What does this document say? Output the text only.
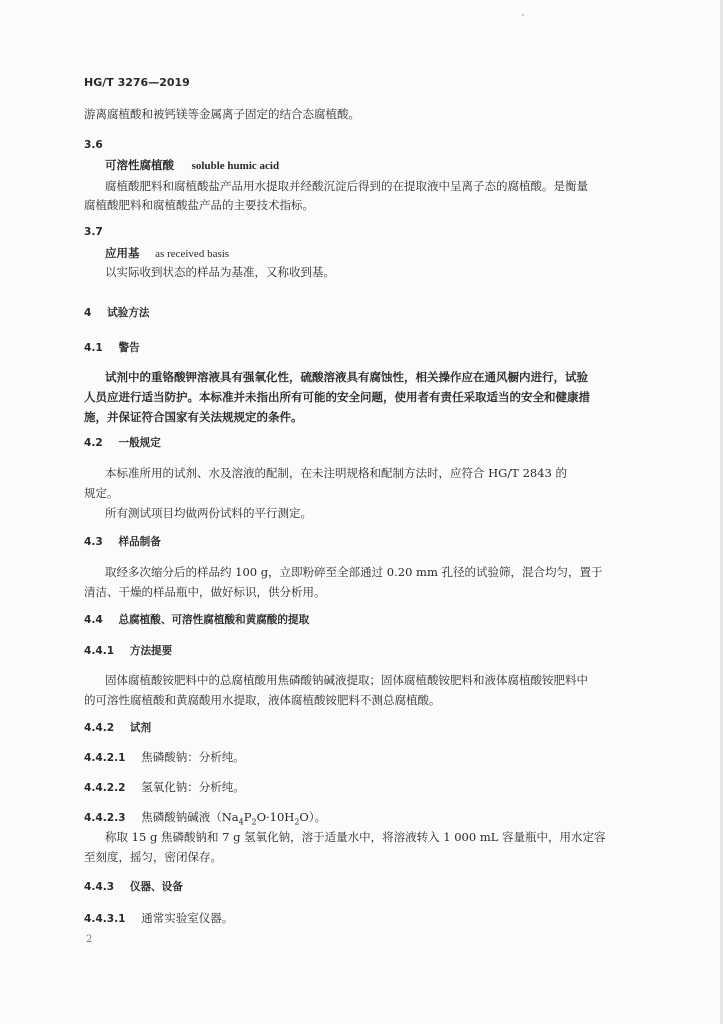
HG/T 3276—2019
游离腐植酸和被钙镁等金属离子固定的结合态腐植酸。
3.6
可溶性腐植酸 soluble humic acid
腐植酸肥料和腐植酸盐产品用水提取并经酸沉淀后得到的在提取液中呈离子态的腐植酸。是衡量
腐植酸肥料和腐植酸盐产品的主要技术指标。
3.7
应用基 as received basis
以实际收到状态的样品为基准，又称收到基。
4 试验方法
4.1 警告
试剂中的重铬酸钾溶液具有强氧化性，硫酸溶液具有腐蚀性，相关操作应在通风橱内进行，试验
人员应进行适当防护。本标准并未指出所有可能的安全问题，使用者有责任采取适当的安全和健康措
施，并保证符合国家有关法规规定的条件。
4.2 一般规定
本标准所用的试剂、水及溶液的配制，在未注明规格和配制方法时，应符合 HG/T 2843 的
规定。
所有测试项目均做两份试料的平行测定。
4.3 样品制备
取经多次缩分后的样品约 100 g，立即粉碎至全部通过 0.20 mm 孔径的试验筛，混合均匀，置于
清洁、干燥的样品瓶中，做好标识，供分析用。
4.4 总腐植酸、可溶性腐植酸和黄腐酸的提取
4.4.1 方法提要
固体腐植酸铵肥料中的总腐植酸用焦磷酸钠碱液提取；固体腐植酸铵肥料和液体腐植酸铵肥料中
的可溶性腐植酸和黄腐酸用水提取，液体腐植酸铵肥料不测总腐植酸。
4.4.2 试剂
4.4.2.1 焦磷酸钠：分析纯。
4.4.2.2 氢氧化钠：分析纯。
4.4.2.3 焦磷酸钠碱液$(Na_4P_2O\cdot 10H_2O)$。
称取 15 g 焦磷酸钠和 7 g 氢氧化钠，溶于适量水中，将溶液转入 1 000 mL 容量瓶中，用水定容
至刻度，摇匀，密闭保存。
4.4.3 仪器、设备
4.4.3.1 通常实验室仪器。
2
